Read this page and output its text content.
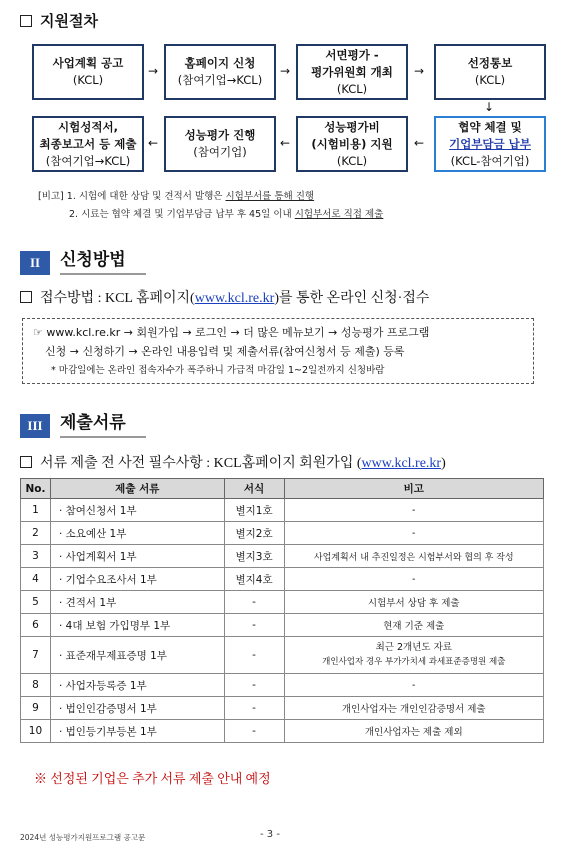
지원절차
사업계획 공고
(KCL)
→
홈페이지 신청
(참여기업→KCL)
→
서면평가 -
평가위원회 개최
(KCL)
→
선정통보
(KCL)
↓
시험성적서,
최종보고서 등 제출
(참여기업→KCL)
←
성능평가 진행
(참여기업)
←
성능평가비
(시험비용) 지원
(KCL)
←
협약 체결 및
기업부담금 납부
(KCL-참여기업)
[비고] 1. 시험에 대한 상담 및 견적서 발행은 시험부서를 통해 진행
2. 시료는 협약 체결 및 기업부담금 납부 후 45일 이내 시험부서로 직접 제출
II	신청방법
접수방법 : KCL 홈페이지(www.kcl.re.kr)를 통한 온라인 신청·접수
☞ www.kcl.re.kr → 회원가입 → 로그인 → 더 많은 메뉴보기 → 성능평가 프로그램
신청 → 신청하기 → 온라인 내용입력 및 제출서류(참여신청서 등 제출) 등록
* 마감일에는 온라인 접속자수가 폭주하니 가급적 마감일 1~2일전까지 신청바람
III	제출서류
서류 제출 전 사전 필수사항 : KCL홈페이지 회원가입 (www.kcl.re.kr)
No.	제출 서류	서식	비고
1	· 참여신청서 1부	별지1호	-
2	· 소요예산 1부	별지2호	-
3	· 사업계획서 1부	별지3호	사업계획서 내 추진일정은 시험부서와 협의 후 작성
4	· 기업수요조사서 1부	별지4호	-
5	· 견적서 1부	-	시험부서 상담 후 제출
6	· 4대 보험 가입명부 1부	-	현재 기준 제출
7	· 표준재무제표증명 1부	-	최근 2개년도 자료
개인사업자 경우 부가가치세 과세표준증명원 제출

8	· 사업자등록증 1부	-	-
9	· 법인인감증명서 1부	-	개인사업자는 개인인감증명서 제출
10	· 법인등기부등본 1부	-	개인사업자는 제출 제외
※ 선정된 기업은 추가 서류 제출 안내 예정
2024년 성능평가지원프로그램 공고문	- 3 -
